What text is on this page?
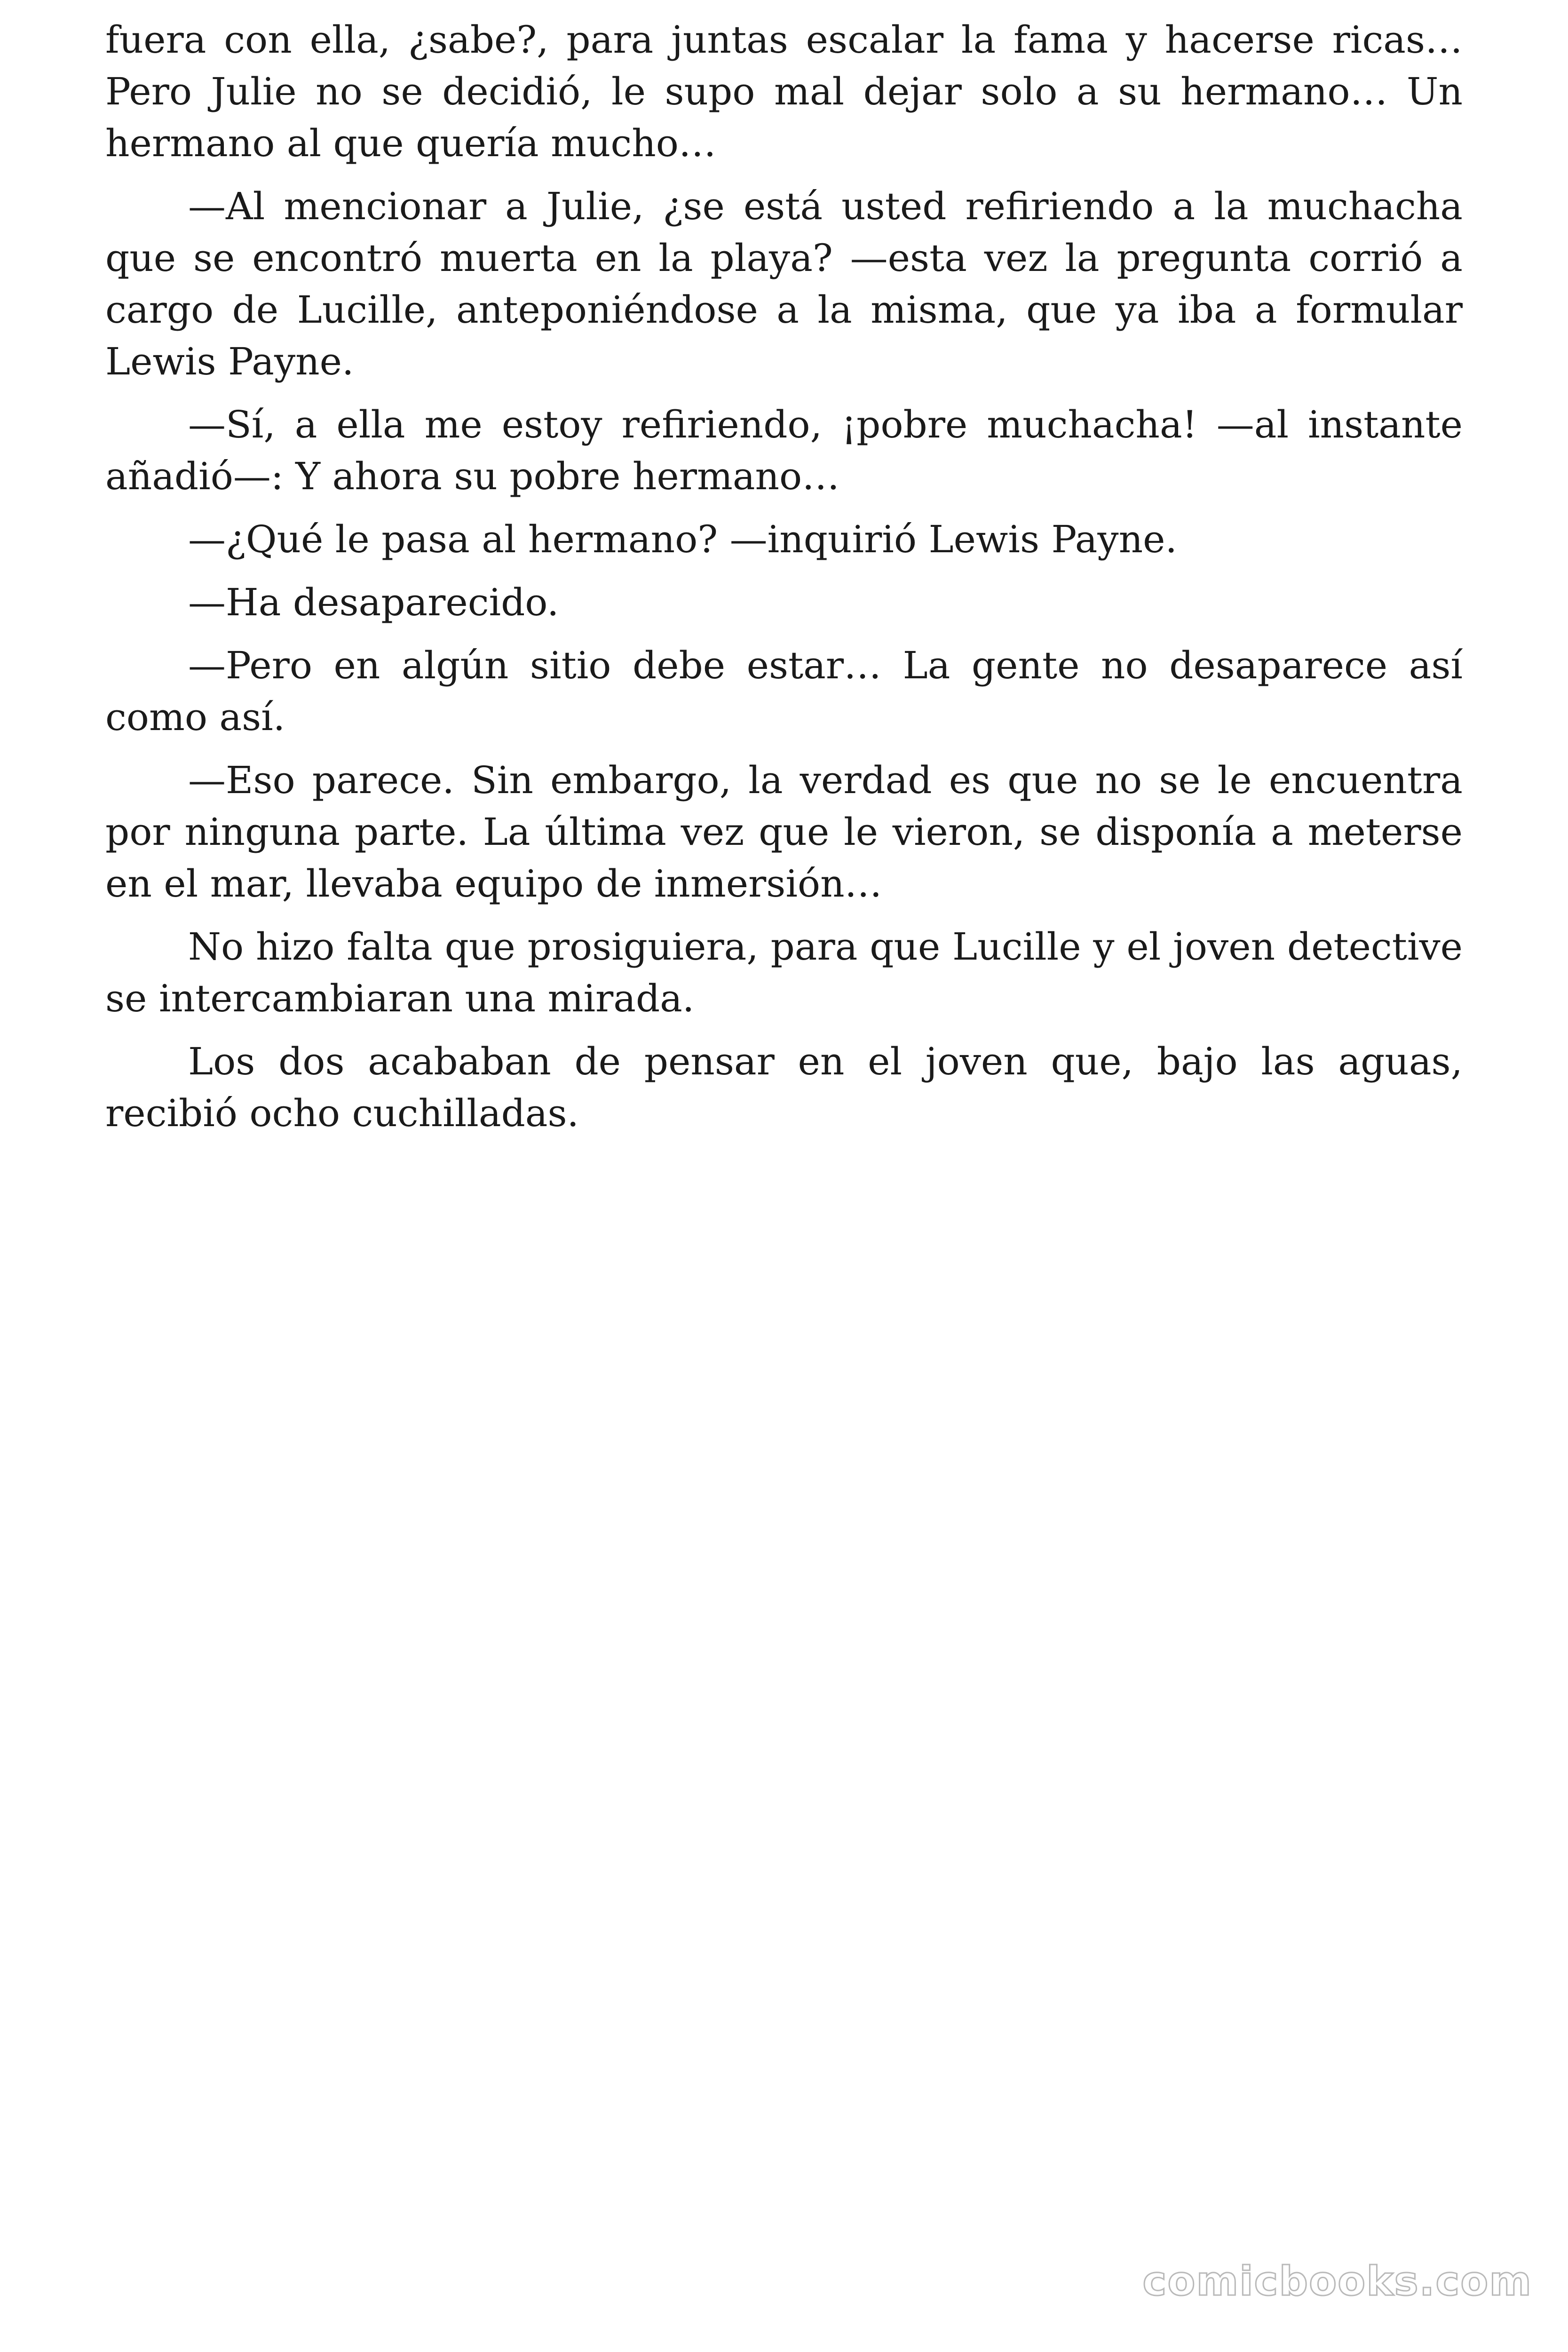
fuera con ella, ¿sabe?, para juntas escalar la fama y hacerse ricas… Pero Julie no se decidió, le supo mal dejar solo a su hermano… Un hermano al que quería mucho…

—Al mencionar a Julie, ¿se está usted refiriendo a la muchacha que se encontró muerta en la playa? —esta vez la pregunta corrió a cargo de Lucille, anteponiéndose a la misma, que ya iba a formular Lewis Payne.

—Sí, a ella me estoy refiriendo, ¡pobre muchacha! —al instante añadió—: Y ahora su pobre hermano…

—¿Qué le pasa al hermano? —inquirió Lewis Payne.

—Ha desaparecido.

—Pero en algún sitio debe estar… La gente no desaparece así como así.

—Eso parece. Sin embargo, la verdad es que no se le encuentra por ninguna parte. La última vez que le vieron, se disponía a meterse en el mar, llevaba equipo de inmersión…

No hizo falta que prosiguiera, para que Lucille y el joven detective se intercambiaran una mirada.

Los dos acababan de pensar en el joven que, bajo las aguas, recibió ocho cuchilladas.

comicbooks.com
